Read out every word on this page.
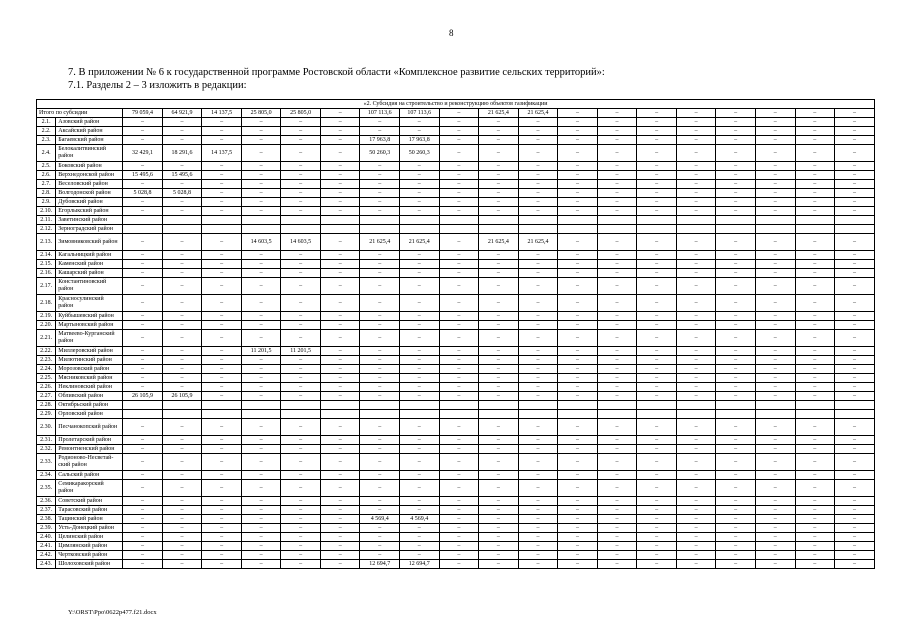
8
7. В приложении № 6 к государственной программе Ростовской области «Комплексное развитие сельских территорий»:
7.1. Разделы 2 – 3 изложить в редакции:
«2. Субсидия на строительство и реконструкцию объектов газификации																				
Итого по субсидии		79 059,4	64 921,9	14 137,5	25 805,0	25 805,0	–	107 113,6	107 113,6	–	21 625,4	21 625,4	–	–	–	–	–	–	–	–
2.1.	Азовский район	–	–	–	–	–	–	–	–	–	–	–	–	–	–	–	–	–	–	–
2.2.	Аксайский район	–	–	–	–	–	–	–	–	–	–	–	–	–	–	–	–	–	–	–
2.3.	Багаевский район	–	–	–	–	–	–	17 963,8	17 963,8	–	–	–	–	–	–	–	–	–	–	–
2.4.	Белокалитвинский район	32 429,1	18 291,6	14 137,5	–	–	–	50 260,3	50 260,3	–	–	–	–	–	–	–	–	–	–	–
2.5.	Боковский район	–	–	–	–	–	–	–	–	–	–	–	–	–	–	–	–	–	–	–
2.6.	Верхнедонской район	15 495,6	15 495,6	–	–	–	–	–	–	–	–	–	–	–	–	–	–	–	–	–
2.7.	Веселовский район	–	–	–	–	–	–	–	–	–	–	–	–	–	–	–	–	–	–	–
2.8.	Волгодонской район	5 028,8	5 028,8	–	–	–	–	–	–	–	–	–	–	–	–	–	–	–	–	–
2.9.	Дубовский район	–	–	–	–	–	–	–	–	–	–	–	–	–	–	–	–	–	–	–
2.10.	Егорлыкский район	–	–	–	–	–	–	–	–	–	–	–	–	–	–	–	–	–	–	–
2.11.	Заветинский район																			
2.12.	Зерноградский район																			
2.13.	Зимовниковский район	–	–	–	14 603,5	14 603,5	–	21 625,4	21 625,4	–	21 625,4	21 625,4	–	–	–	–	–	–	–	–
2.14.	Кагальницкий район	–	–	–	–	–	–	–	–	–	–	–	–	–	–	–	–	–	–	–
2.15.	Каменский район	–	–	–	–	–	–	–	–	–	–	–	–	–	–	–	–	–	–	–
2.16.	Кашарский район	–	–	–	–	–	–	–	–	–	–	–	–	–	–	–	–	–	–	–
2.17.	Константиновский район	–	–	–	–	–	–	–	–	–	–	–	–	–	–	–	–	–	–	–
2.18.	Красносулинский район	–	–	–	–	–	–	–	–	–	–	–	–	–	–	–	–	–	–	–
2.19.	Куйбышевский район	–	–	–	–	–	–	–	–	–	–	–	–	–	–	–	–	–	–	–
2.20.	Мартыновский район	–	–	–	–	–	–	–	–	–	–	–	–	–	–	–	–	–	–	–
2.21.	Матвеево-Курганский район	–	–	–	–	–	–	–	–	–	–	–	–	–	–	–	–	–	–	–
2.22.	Миллеровский район	–	–	–	11 201,5	11 201,5	–	–	–	–	–	–	–	–	–	–	–	–	–	–
2.23.	Милютинский район	–	–	–	–	–	–	–	–	–	–	–	–	–	–	–	–	–	–	–
2.24.	Морозовский район	–	–	–	–	–	–	–	–	–	–	–	–	–	–	–	–	–	–	–
2.25.	Мясниковский район	–	–	–	–	–	–	–	–	–	–	–	–	–	–	–	–	–	–	–
2.26.	Неклиновский район	–	–	–	–	–	–	–	–	–	–	–	–	–	–	–	–	–	–	–
2.27.	Обливский район	26 105,9	26 105,9	–	–	–	–	–	–	–	–	–	–	–	–	–	–	–	–	–
2.28.	Октябрьский район																			
2.29.	Орловский район																			
2.30.	Песчанокопский район	–	–	–	–	–	–	–	–	–	–	–	–	–	–	–	–	–	–	–
2.31.	Пролетарский район	–	–	–	–	–	–	–	–	–	–	–	–	–	–	–	–	–	–	–
2.32.	Ремонтненский район	–	–	–	–	–	–	–	–	–	–	–	–	–	–	–	–	–	–	–
2.33.	Родионово-Несветай-ский район	–	–	–	–	–	–	–	–	–	–	–	–	–	–	–	–	–	–	–
2.34.	Сальский район	–	–	–	–	–	–	–	–	–	–	–	–	–	–	–	–	–	–	–
2.35.	Семикаракорский район	–	–	–	–	–	–	–	–	–	–	–	–	–	–	–	–	–	–	–
2.36.	Советский район	–	–	–	–	–	–	–	–	–	–	–	–	–	–	–	–	–	–	–
2.37.	Тарасовский район	–	–	–	–	–	–	–	–	–	–	–	–	–	–	–	–	–	–	–
2.38.	Тацинский район	–	–	–	–	–	–	4 569,4	4 569,4	–	–	–	–	–	–	–	–	–	–	–
2.39.	Усть-Донецкий район	–	–	–	–	–	–	–	–	–	–	–	–	–	–	–	–	–	–	–
2.40.	Целинский район	–	–	–	–	–	–	–	–	–	–	–	–	–	–	–	–	–	–	–
2.41.	Цимлянский район	–	–	–	–	–	–	–	–	–	–	–	–	–	–	–	–	–	–	–
2.42.	Чертковский район	–	–	–	–	–	–	–	–	–	–	–	–	–	–	–	–	–	–	–
2.43.	Шолоховский район	–	–	–	–	–	–	12 694,7	12 694,7	–	–	–	–	–	–	–	–	–	–	–
Y:\ORST\Ppo\0622p477.f21.docx
